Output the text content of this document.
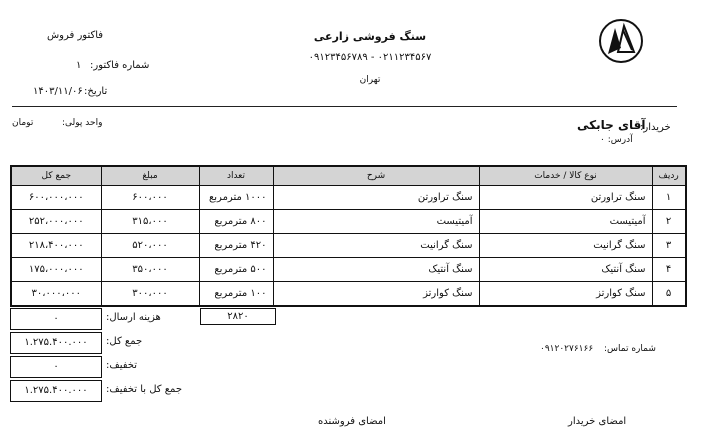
سنگ فروشی زارعی
۰۹۱۲۳۴۵۶۷۸۹ - ۰۲۱۱۲۳۴۵۶۷
تهران
فاکتور فروش
شماره فاکتور:
۱
تاریخ:
۱۴۰۳/۱۱/۰۶
خریدار:
آقای جابکی
آدرس: ۰
واحد پولی:
تومان
جمع کل	مبلغ	تعداد	شرح	نوع کالا / خدمات	ردیف
۶۰۰،۰۰۰،۰۰۰	۶۰۰،۰۰۰	۱۰۰۰ مترمربع	سنگ تراورتن	سنگ تراورتن	۱
۲۵۲،۰۰۰،۰۰۰	۳۱۵،۰۰۰	۸۰۰ مترمربع	آمیتیست	آمیتیست	۲
۲۱۸،۴۰۰،۰۰۰	۵۲۰،۰۰۰	۴۲۰ مترمربع	سنگ گرانیت	سنگ گرانیت	۳
۱۷۵،۰۰۰،۰۰۰	۳۵۰،۰۰۰	۵۰۰ مترمربع	سنگ آنتیک	سنگ آنتیک	۴
۳۰،۰۰۰،۰۰۰	۳۰۰،۰۰۰	۱۰۰ مترمربع	سنگ کوارتز	سنگ کوارتز	۵
۲۸۲۰
۰	هزینه ارسال:
۱.۲۷۵.۴۰۰.۰۰۰	جمع کل:
۰	تخفیف:
۱.۲۷۵.۴۰۰.۰۰۰	جمع کل با تخفیف:
شماره تماس:
۰۹۱۲۰۲۷۶۱۶۶
امضای خریدار
امضای فروشنده
